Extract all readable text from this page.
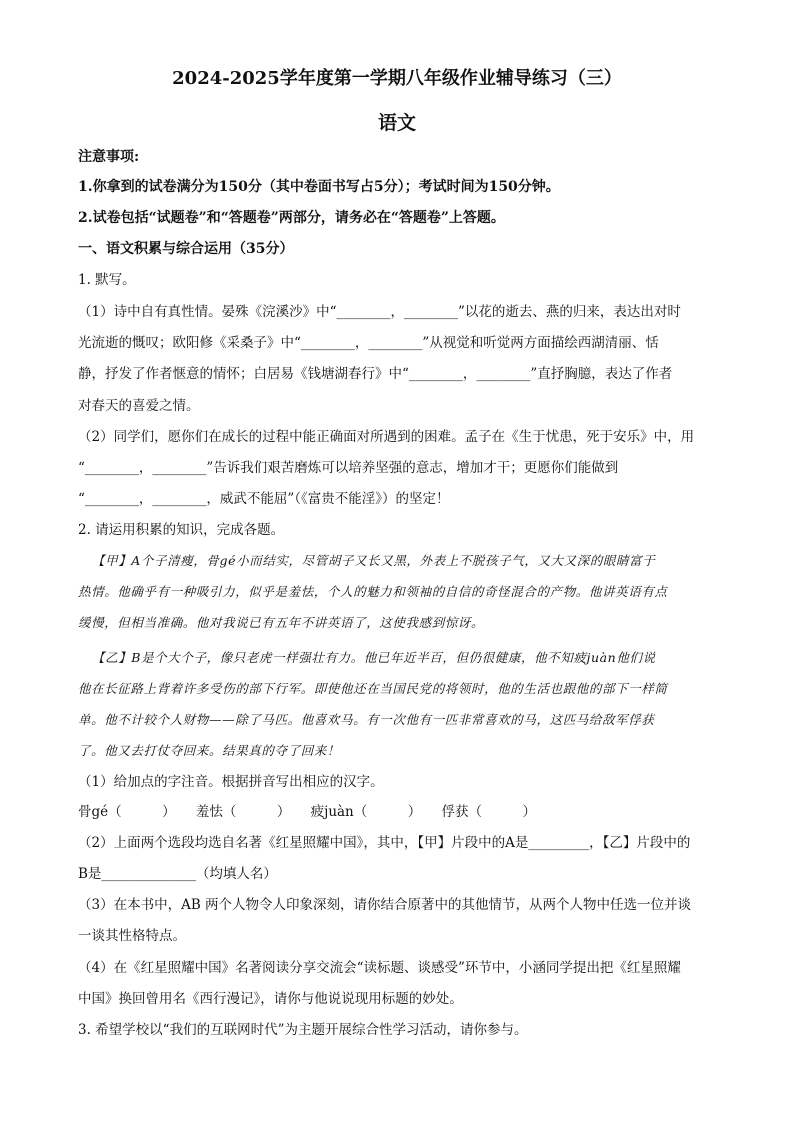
2024-2025学年度第一学期八年级作业辅导练习（三）
语文
注意事项:
1.你拿到的试卷满分为150分（其中卷面书写占5分）；考试时间为150分钟。
2.试卷包括“试题卷”和“答题卷”两部分，请务必在“答题卷”上答题。
一、语文积累与综合运用（35分）
1. 默写。
（1）诗中自有真性情。晏殊《浣溪沙》中“________，________”以花的逝去、燕的归来，表达出对时
光流逝的慨叹；欧阳修《采桑子》中“________，________”从视觉和听觉两方面描绘西湖清丽、恬
静，抒发了作者惬意的情怀；白居易《钱塘湖春行》中“________，________”直抒胸臆，表达了作者
对春天的喜爱之情。
（2）同学们，愿你们在成长的过程中能正确面对所遇到的困难。孟子在《生于忧患，死于安乐》中，用
“________，________”告诉我们艰苦磨炼可以培养坚强的意志，增加才干；更愿你们能做到
“________，________，威武不能屈”（《富贵不能淫》）的坚定！
2. 请运用积累的知识，完成各题。
【甲】A个子清瘦，骨gé小而结实，尽管胡子又长又黑，外表上不脱孩子气，又大又深的眼睛富于
热情。他确乎有一种吸引力，似乎是羞怯，个人的魅力和领袖的自信的奇怪混合的产物。他讲英语有点
缓慢，但相当准确。他对我说已有五年不讲英语了，这使我感到惊讶。
【乙】B是个大个子，像只老虎一样强壮有力。他已年近半百，但仍很健康，他不知疲juàn他们说
他在长征路上背着许多受伤的部下行军。即使他还在当国民党的将领时，他的生活也跟他的部下一样简
单。他不计较个人财物——除了马匹。他喜欢马。有一次他有一匹非常喜欢的马，这匹马给敌军俘获
了。他又去打仗夺回来。结果真的夺了回来！
（1）给加点的字注音。根据拼音写出相应的汉字。
骨gé（　　　）　　羞怯（　　　）　　疲juàn（　　　）　　俘获（　　　）
（2）上面两个选段均选自名著《红星照耀中国》，其中，【甲】片段中的A是_________，【乙】片段中的
B是______________（均填人名）
（3）在本书中，AB 两个人物令人印象深刻，请你结合原著中的其他情节，从两个人物中任选一位并谈
一谈其性格特点。
（4）在《红星照耀中国》名著阅读分享交流会“读标题、谈感受”环节中，小涵同学提出把《红星照耀
中国》换回曾用名《西行漫记》，请你与他说说现用标题的妙处。
3. 希望学校以“我们的互联网时代”为主题开展综合性学习活动，请你参与。
